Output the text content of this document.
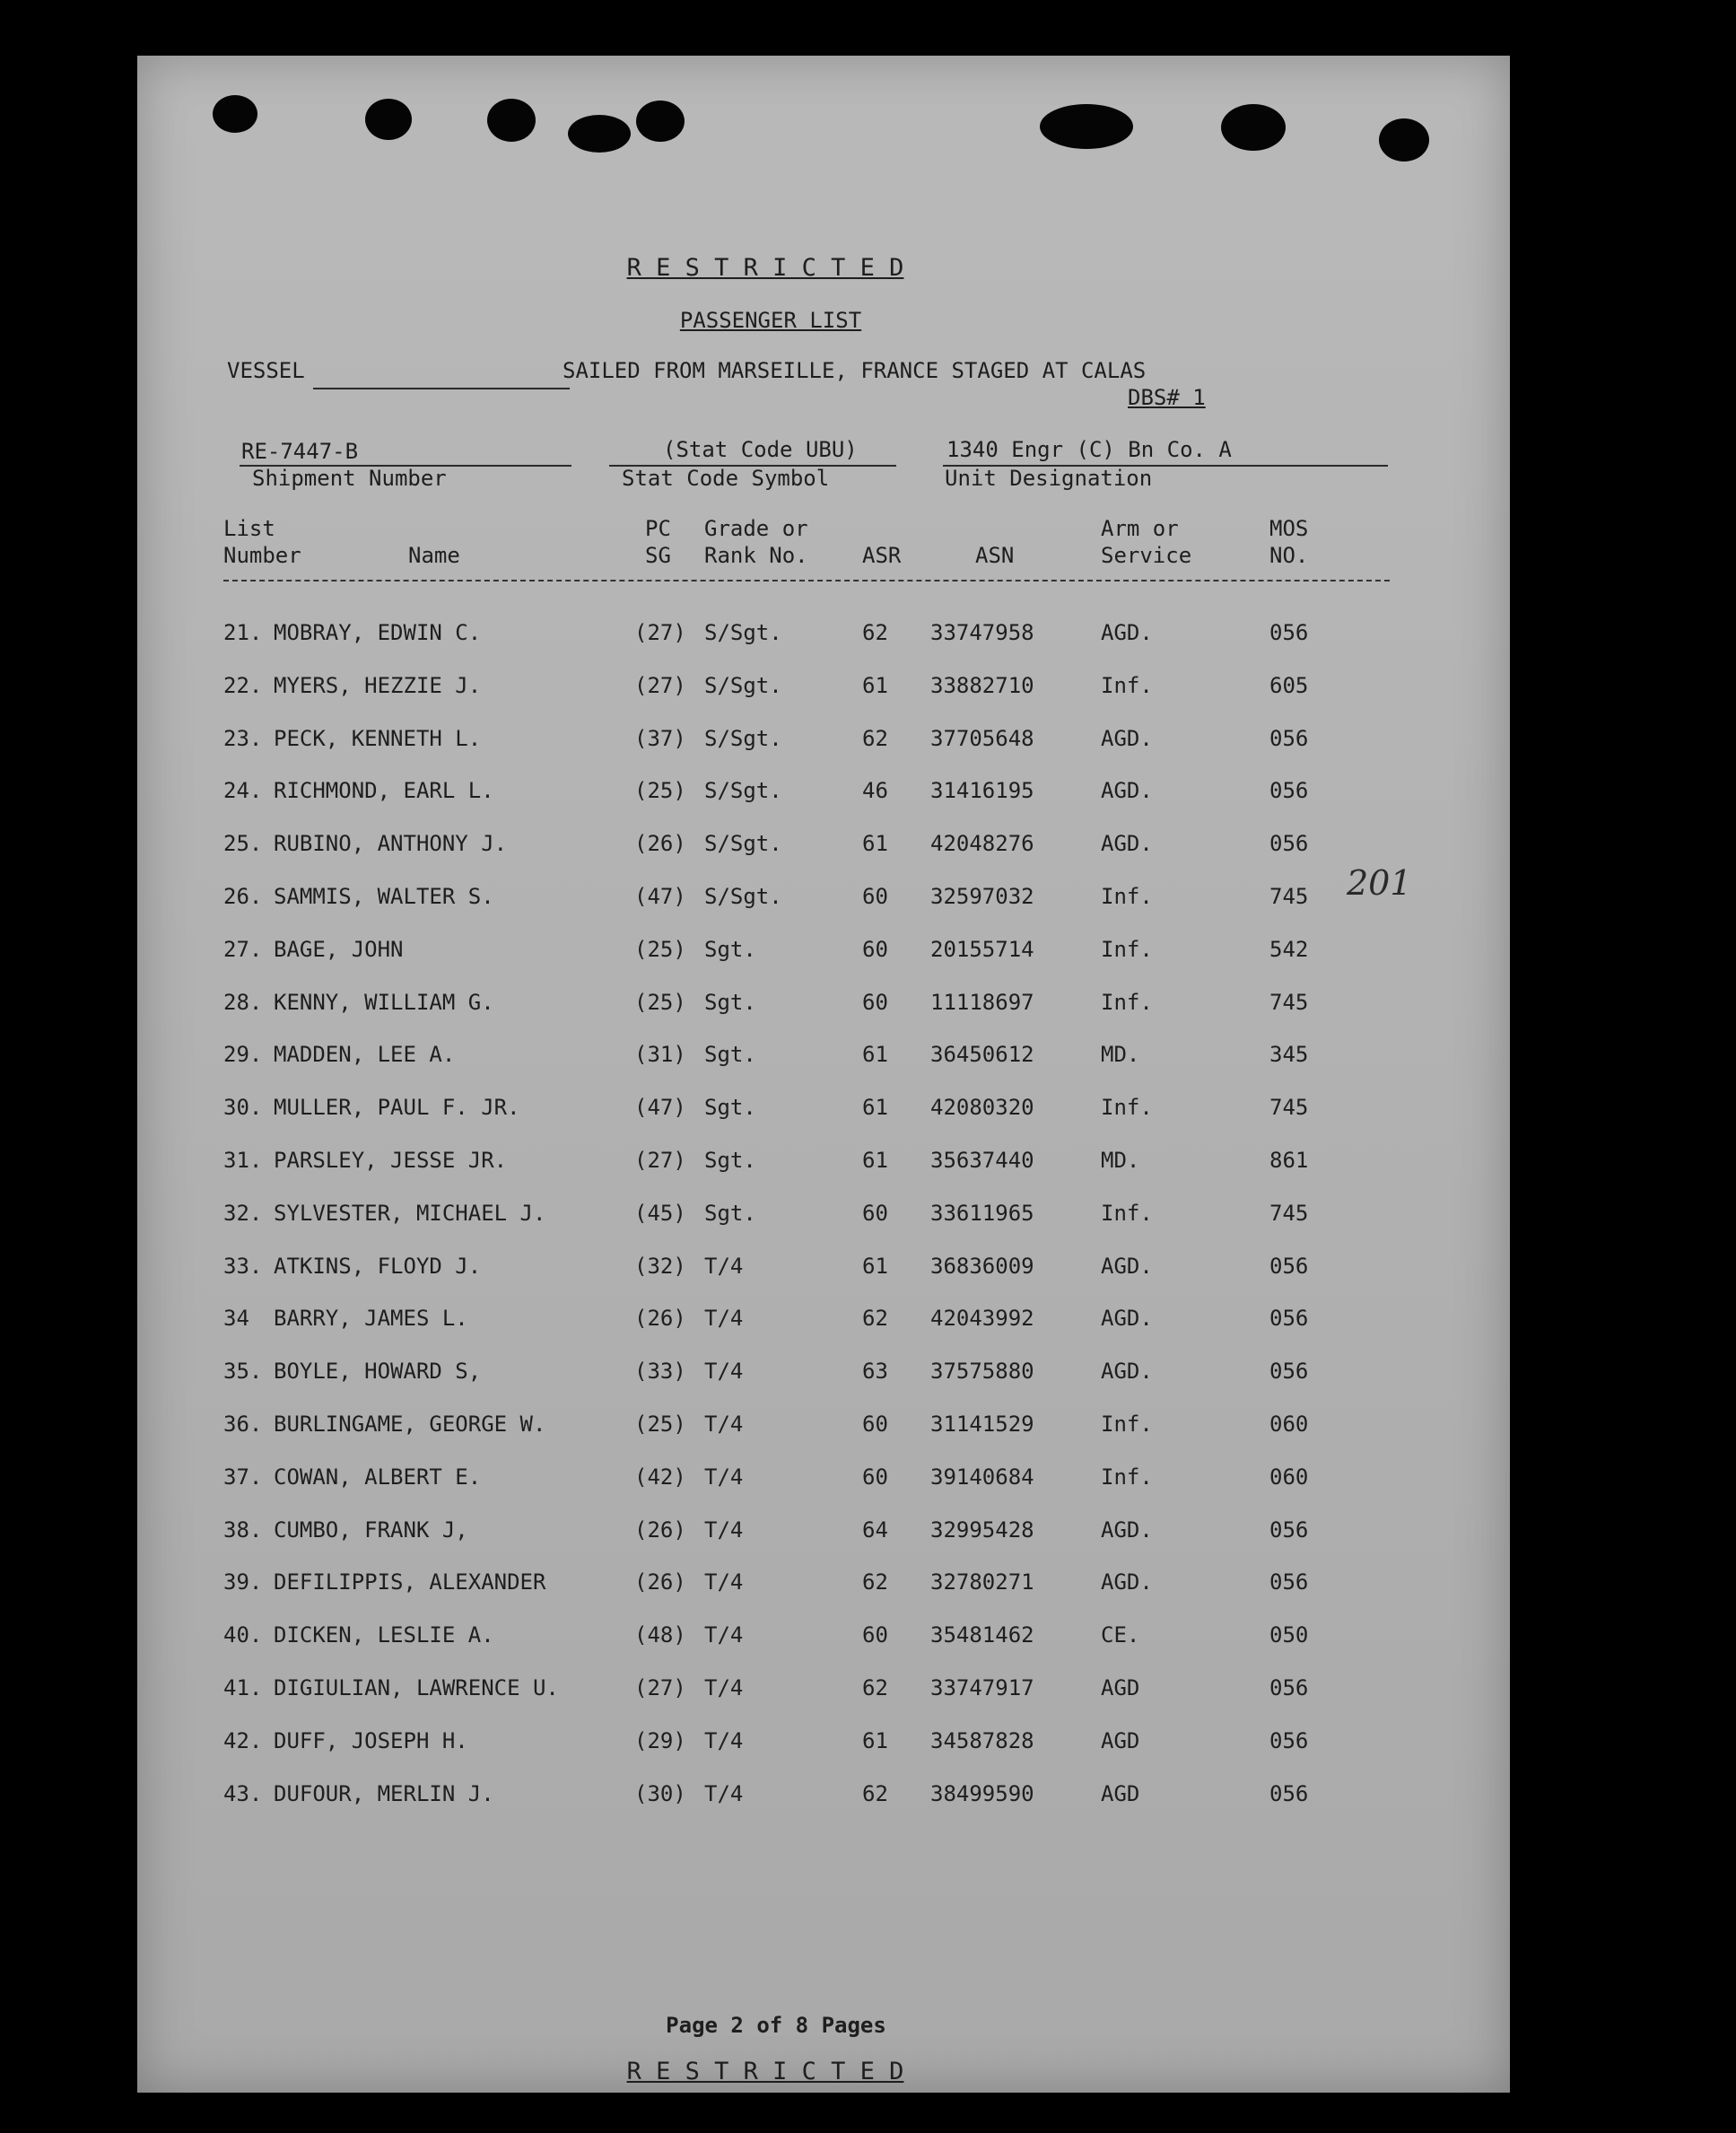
R E S T R I C T E D
PASSENGER LIST
VESSEL	SAILED FROM MARSEILLE, FRANCE STAGED AT CALAS
DBS# 1
RE-7447-B
Shipment Number
(Stat Code UBU)
Stat Code Symbol
1340 Engr (C) Bn Co. A
Unit Designation
List
Number	Name
PC
SG
Grade or
Rank No.	ASR	ASN
Arm or
Service
MOS
NO.
21. MOBRAY, EDWIN C.	(27) S/Sgt.	62 33747958	AGD.	056
22. MYERS, HEZZIE J.	(27) S/Sgt.	61 33882710	Inf.	605
23. PECK, KENNETH L.	(37) S/Sgt.	62 37705648	AGD.	056
24. RICHMOND, EARL L.	(25) S/Sgt.	46 31416195	AGD.	056
25. RUBINO, ANTHONY J.	(26) S/Sgt.	61 42048276	AGD.	056
26. SAMMIS, WALTER S.	(47) S/Sgt.	60 32597032	Inf.	745
27. BAGE, JOHN	(25) Sgt.	60 20155714	Inf.	542
28. KENNY, WILLIAM G.	(25) Sgt.	60 11118697	Inf.	745
29. MADDEN, LEE A.	(31) Sgt.	61 36450612	MD.	345
30. MULLER, PAUL F. JR.	(47) Sgt.	61 42080320	Inf.	745
31. PARSLEY, JESSE JR.	(27) Sgt.	61 35637440	MD.	861
32. SYLVESTER, MICHAEL J.	(45) Sgt.	60 33611965	Inf.	745
33. ATKINS, FLOYD J.	(32) T/4	61 36836009	AGD.	056
34 BARRY, JAMES L.	(26) T/4	62 42043992	AGD.	056
35. BOYLE, HOWARD S,	(33) T/4	63 37575880	AGD.	056
36. BURLINGAME, GEORGE W.	(25) T/4	60 31141529	Inf.	060
37. COWAN, ALBERT E.	(42) T/4	60 39140684	Inf.	060
38. CUMBO, FRANK J,	(26) T/4	64 32995428	AGD.	056
39. DEFILIPPIS, ALEXANDER	(26) T/4	62 32780271	AGD.	056
40. DICKEN, LESLIE A.	(48) T/4	60 35481462	CE.	050
41. DIGIULIAN, LAWRENCE U.	(27) T/4	62 33747917	AGD	056
42. DUFF, JOSEPH H.	(29) T/4	61 34587828	AGD	056
43. DUFOUR, MERLIN J.	(30) T/4	62 38499590	AGD	056
201
Page 2 of 8 Pages
R E S T R I C T E D
